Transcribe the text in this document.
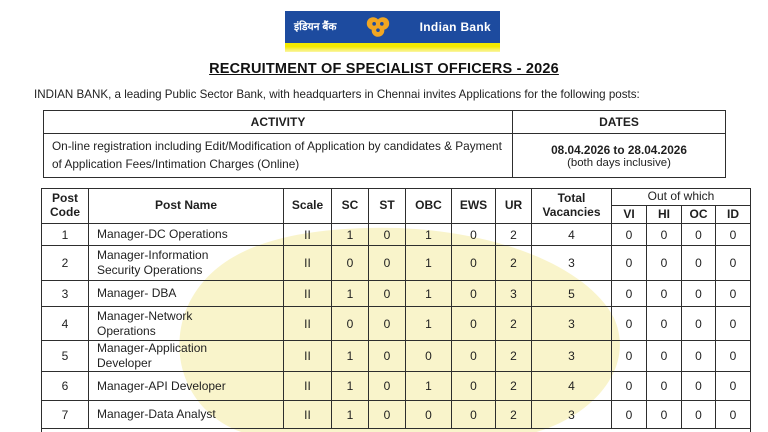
इंडियन बैंक	Indian Bank
RECRUITMENT OF SPECIALIST OFFICERS - 2026

INDIAN BANK, a leading Public Sector Bank, with headquarters in Chennai invites Applications for the following posts:

ACTIVITY	DATES
On-line registration including Edit/Modification of Application by candidates & Payment of Application Fees/Intimation Charges (Online)	08.04.2026 to 28.04.2026
(both days inclusive)
Post Code	Post Name	Scale	SC	ST	OBC	EWS	UR	Total Vacancies	Out of which			
									VI	HI	OC	ID
1	Manager-DC Operations	II	1	0	1	0	2	4	0	0	0	0
2	Manager-Information Security Operations	II	0	0	1	0	2	3	0	0	0	0
3	Manager- DBA	II	1	0	1	0	3	5	0	0	0	0
4	Manager-Network Operations	II	0	0	1	0	2	3	0	0	0	0
5	Manager-Application Developer	II	1	0	0	0	2	3	0	0	0	0
6	Manager-API Developer	II	1	0	1	0	2	4	0	0	0	0
7	Manager-Data Analyst	II	1	0	0	0	2	3	0	0	0	0
